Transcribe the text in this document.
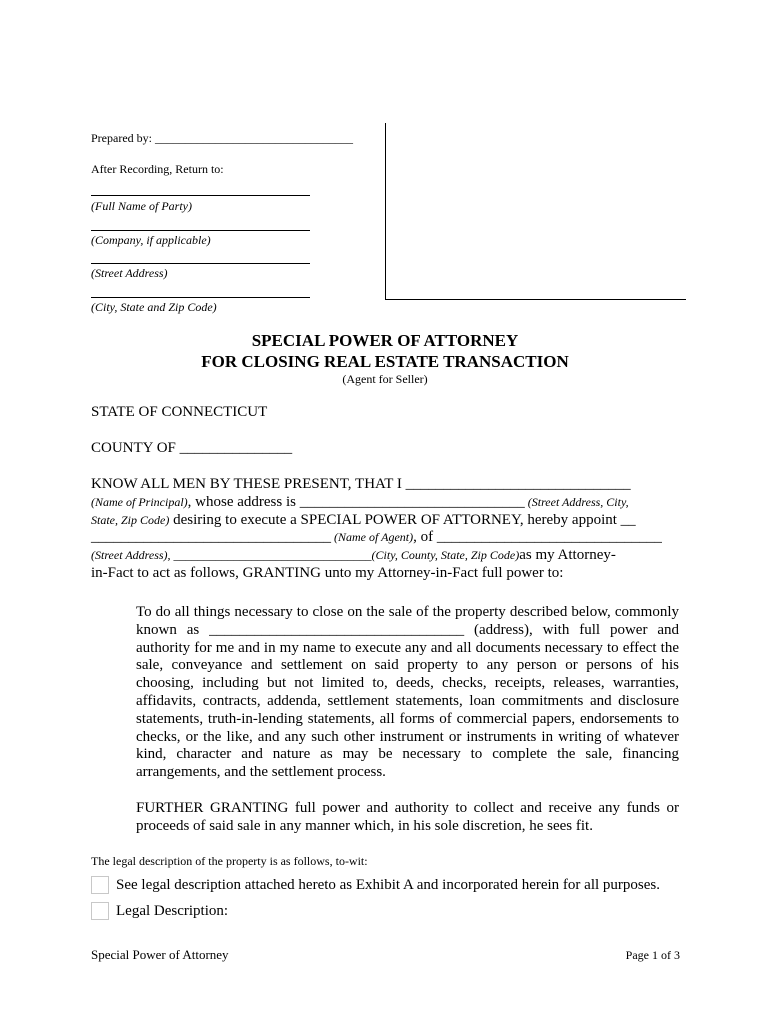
Prepared by: _________________________________
After Recording, Return to:
(Full Name of Party)
(Company, if applicable)
(Street Address)
(City, State and Zip Code)
SPECIAL POWER OF ATTORNEY
FOR CLOSING REAL ESTATE TRANSACTION
(Agent for Seller)
STATE OF CONNECTICUT
COUNTY OF _______________
KNOW ALL MEN BY THESE PRESENT, THAT I ______________________________
(Name of Principal), whose address is ______________________________ (Street Address, City,
State, Zip Code) desiring to execute a SPECIAL POWER OF ATTORNEY, hereby appoint __
________________________________ (Name of Agent), of ______________________________
(Street Address), _________________________________(City, County, State, Zip Code)as my Attorney-
in-Fact to act as follows, GRANTING unto my Attorney-in-Fact full power to:
To do all things necessary to close on the sale of the property described below, commonly known as __________________________________ (address), with full power and authority for me and in my name to execute any and all documents necessary to effect the sale, conveyance and settlement on said property to any person or persons of his choosing, including but not limited to, deeds, checks, receipts, releases, warranties, affidavits, contracts, addenda, settlement statements, loan commitments and disclosure statements, truth-in-lending statements, all forms of commercial papers, endorsements to checks, or the like, and any such other instrument or instruments in writing of whatever kind, character and nature as may be necessary to complete the sale, financing arrangements, and the settlement process.
FURTHER GRANTING full power and authority to collect and receive any funds or proceeds of said sale in any manner which, in his sole discretion, he sees fit.
The legal description of the property is as follows, to-wit:
See legal description attached hereto as Exhibit A and incorporated herein for all purposes.
Legal Description:
Special Power of Attorney	Page 1 of 3
